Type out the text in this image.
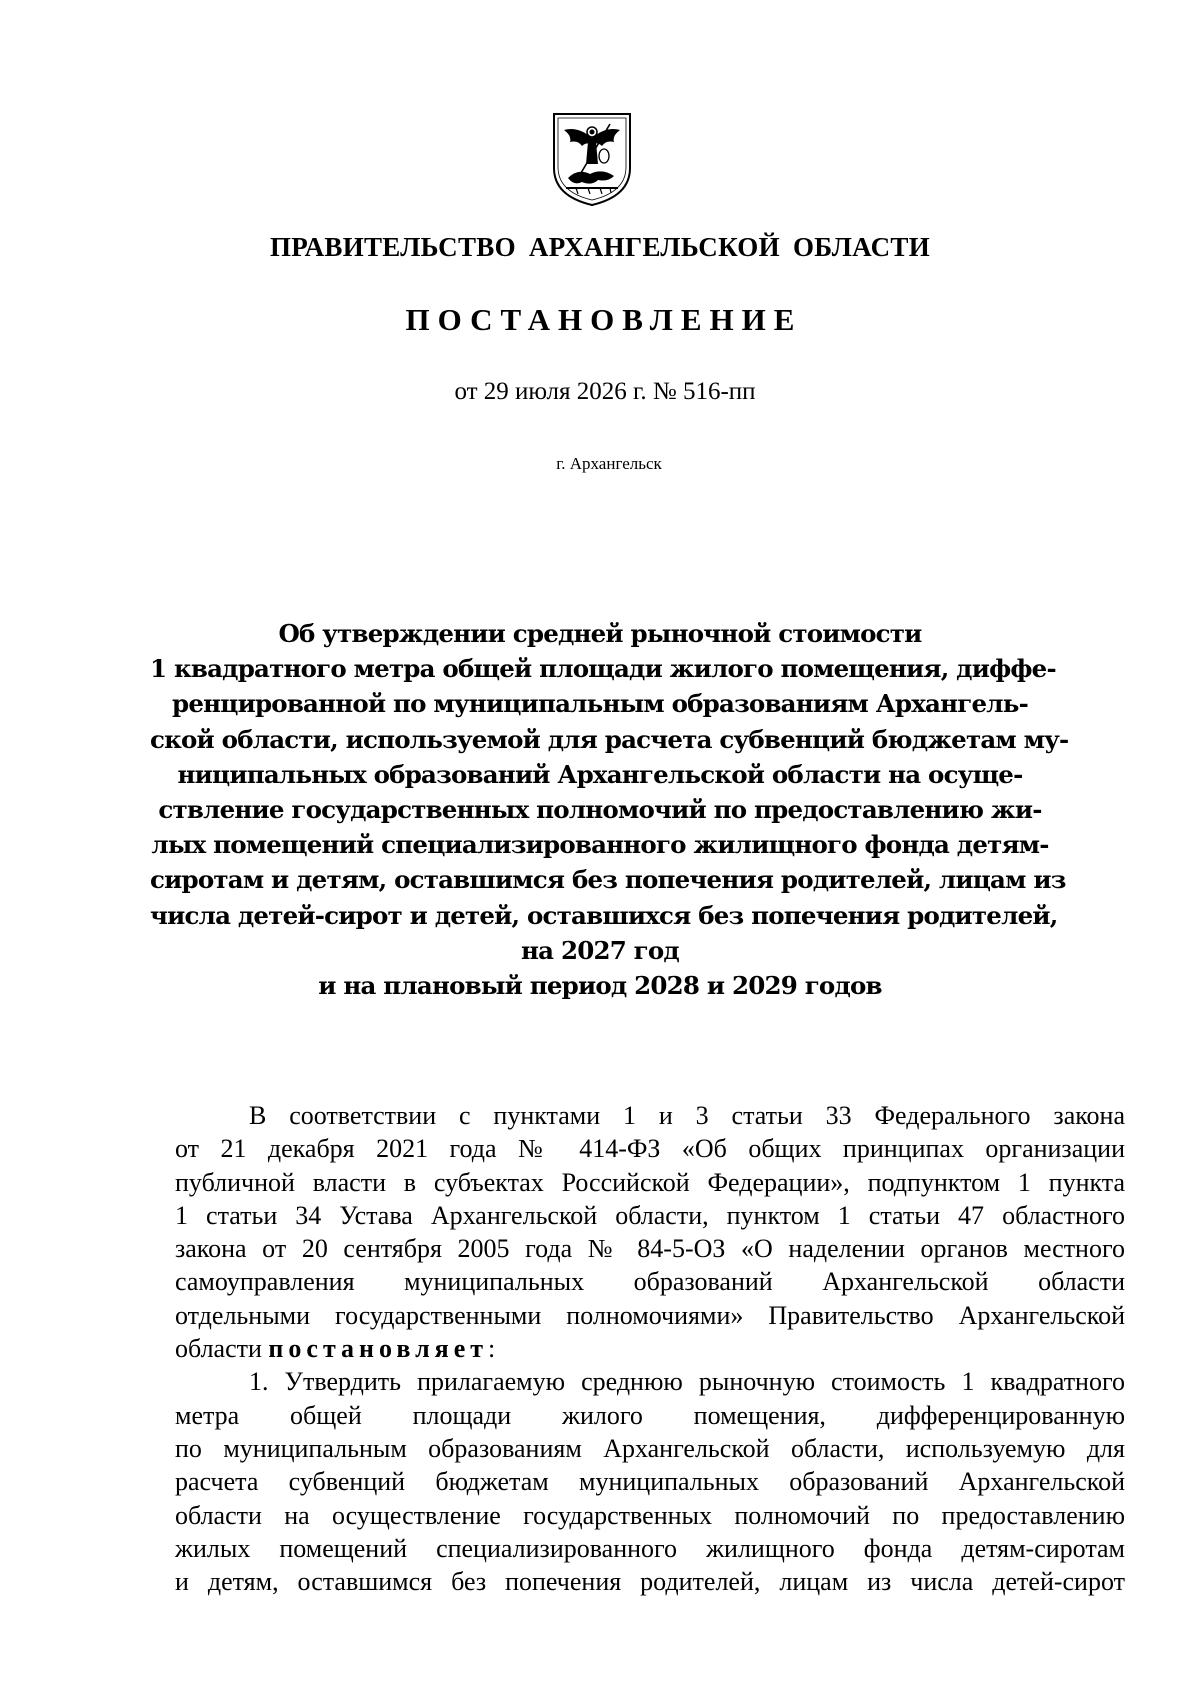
ПРАВИТЕЛЬСТВО АРХАНГЕЛЬСКОЙ ОБЛАСТИ
ПОСТАНОВЛЕНИЕ
от 29 июля 2026 г. № 516-пп
г. Архангельск
Об утверждении средней рыночной стоимости
1 квадратного метра общей площади жилого помещения, диффе-
ренцированной по муниципальным образованиям Архангель-
ской области, используемой для расчета субвенций бюджетам му-
ниципальных образований Архангельской области на осуще-
ствление государственных полномочий по предоставлению жи-
лых помещений специализированного жилищного фонда детям-
сиротам и детям, оставшимся без попечения родителей, лицам из
числа детей-сирот и детей, оставшихся без попечения родителей,
на 2027 год
и на плановый период 2028 и 2029 годов
В соответствии с пунктами 1 и 3 статьи 33 Федерального закона
от 21 декабря 2021 года № 414-ФЗ «Об общих принципах организации
публичной власти в субъектах Российской Федерации», подпунктом 1 пункта
1 статьи 34 Устава Архангельской области, пунктом 1 статьи 47 областного
закона от 20 сентября 2005 года № 84-5-ОЗ «О наделении органов местного
самоуправления муниципальных образований Архангельской области
отдельными государственными полномочиями» Правительство Архангельской
области постановляет:
1. Утвердить прилагаемую среднюю рыночную стоимость 1 квадратного
метра общей площади жилого помещения, дифференцированную
по муниципальным образованиям Архангельской области, используемую для
расчета субвенций бюджетам муниципальных образований Архангельской
области на осуществление государственных полномочий по предоставлению
жилых помещений специализированного жилищного фонда детям-сиротам
и детям, оставшимся без попечения родителей, лицам из числа детей-сирот
